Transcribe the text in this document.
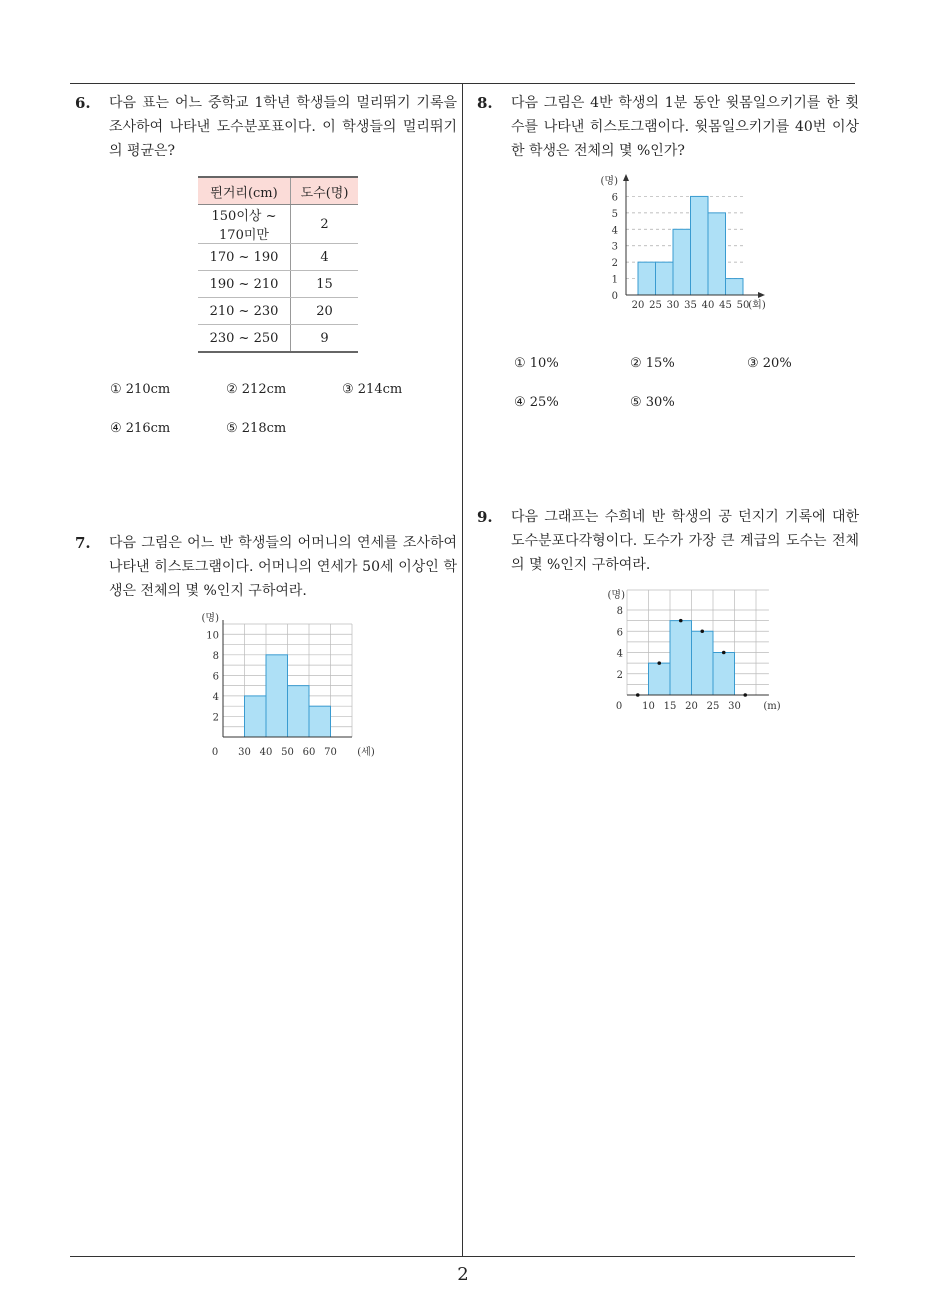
6. 다음 표는 어느 중학교 1학년 학생들의 멀리뛰기 기록을 조사하여 나타낸 도수분포표이다. 이 학생들의 멀리뛰기의 평균은?
뛴거리(cm)	도수(명)
150이상 ~ 170미만	2
170 ~ 190	4
190 ~ 210	15
210 ~ 230	20
230 ~ 250	9
① 210cm	② 212cm	③ 214cm
④ 216cm	⑤ 218cm
7. 다음 그림은 어느 반 학생들의 어머니의 연세를 조사하여 나타낸 히스토그램이다. 어머니의 연세가 50세 이상인 학생은 전체의 몇 %인지 구하여라.
2
4
6
8
10
(명)
0 30 40 50 60 70 (세)
8. 다음 그림은 4반 학생의 1분 동안 윗몸일으키기를 한 횟수를 나타낸 히스토그램이다. 윗몸일으키기를 40번 이상한 학생은 전체의 몇 %인가?
0
1
2
3
4
5
6
(명)
20 25 30 35 40 45 50
(회)
① 10%	② 15%	③ 20%
④ 25%	⑤ 30%
9. 다음 그래프는 수희네 반 학생의 공 던지기 기록에 대한 도수분포다각형이다. 도수가 가장 큰 계급의 도수는 전체의 몇 %인지 구하여라.
2
4
6
8
(명)
0 10 15 20 25 30 (m)
2
